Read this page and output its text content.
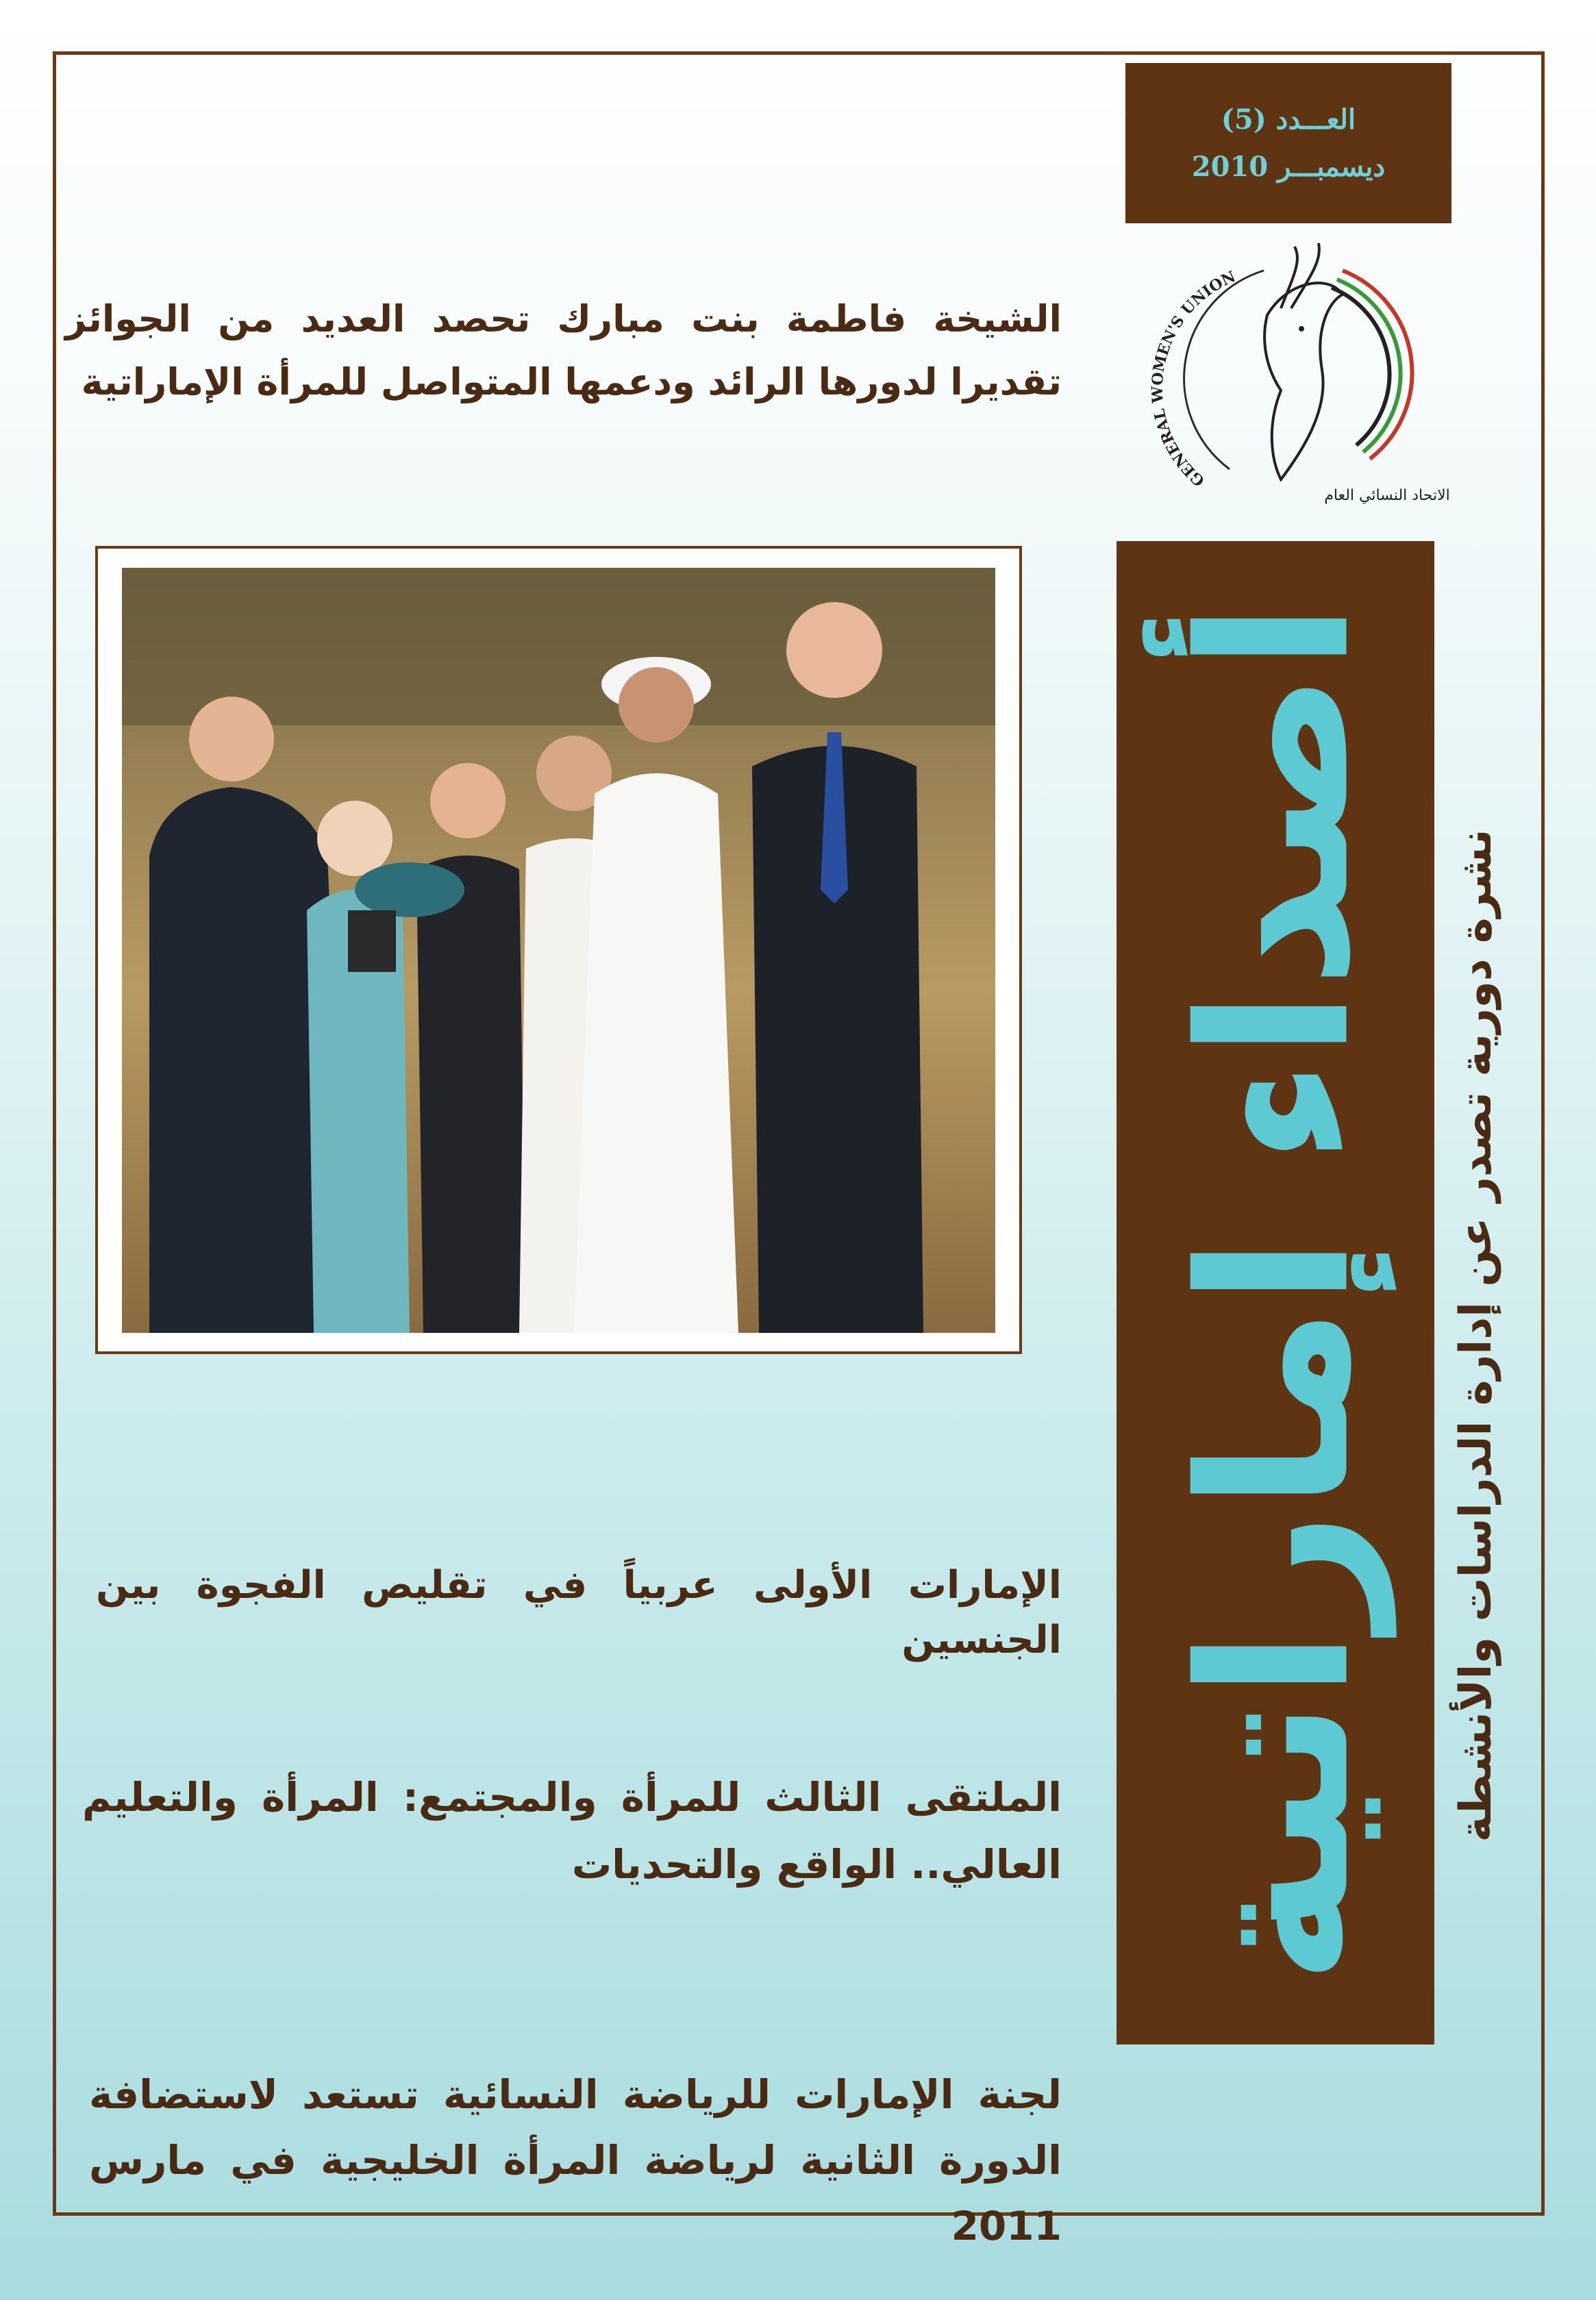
العـــدد (5)
ديسمبـــر 2010
GENERAL WOMEN'S UNION
الاتحاد النسائي العام
الشيخة فاطمة بنت مبارك تحصد العديد من الجوائز تقديرا لدورها الرائد ودعمها المتواصل للمرأة الإماراتية
أصداء إماراتية نشرة دورية تصدر عن إدارة الدراسات والأنشطة
الإمارات الأولى عربياً في تقليص الفجوة بين الجنسين
الملتقى الثالث للمرأة والمجتمع: المرأة والتعليم العالي.. الواقع والتحديات
لجنة الإمارات للرياضة النسائية تستعد لاستضافة الدورة الثانية لرياضة المرأة الخليجية في مارس 2011
